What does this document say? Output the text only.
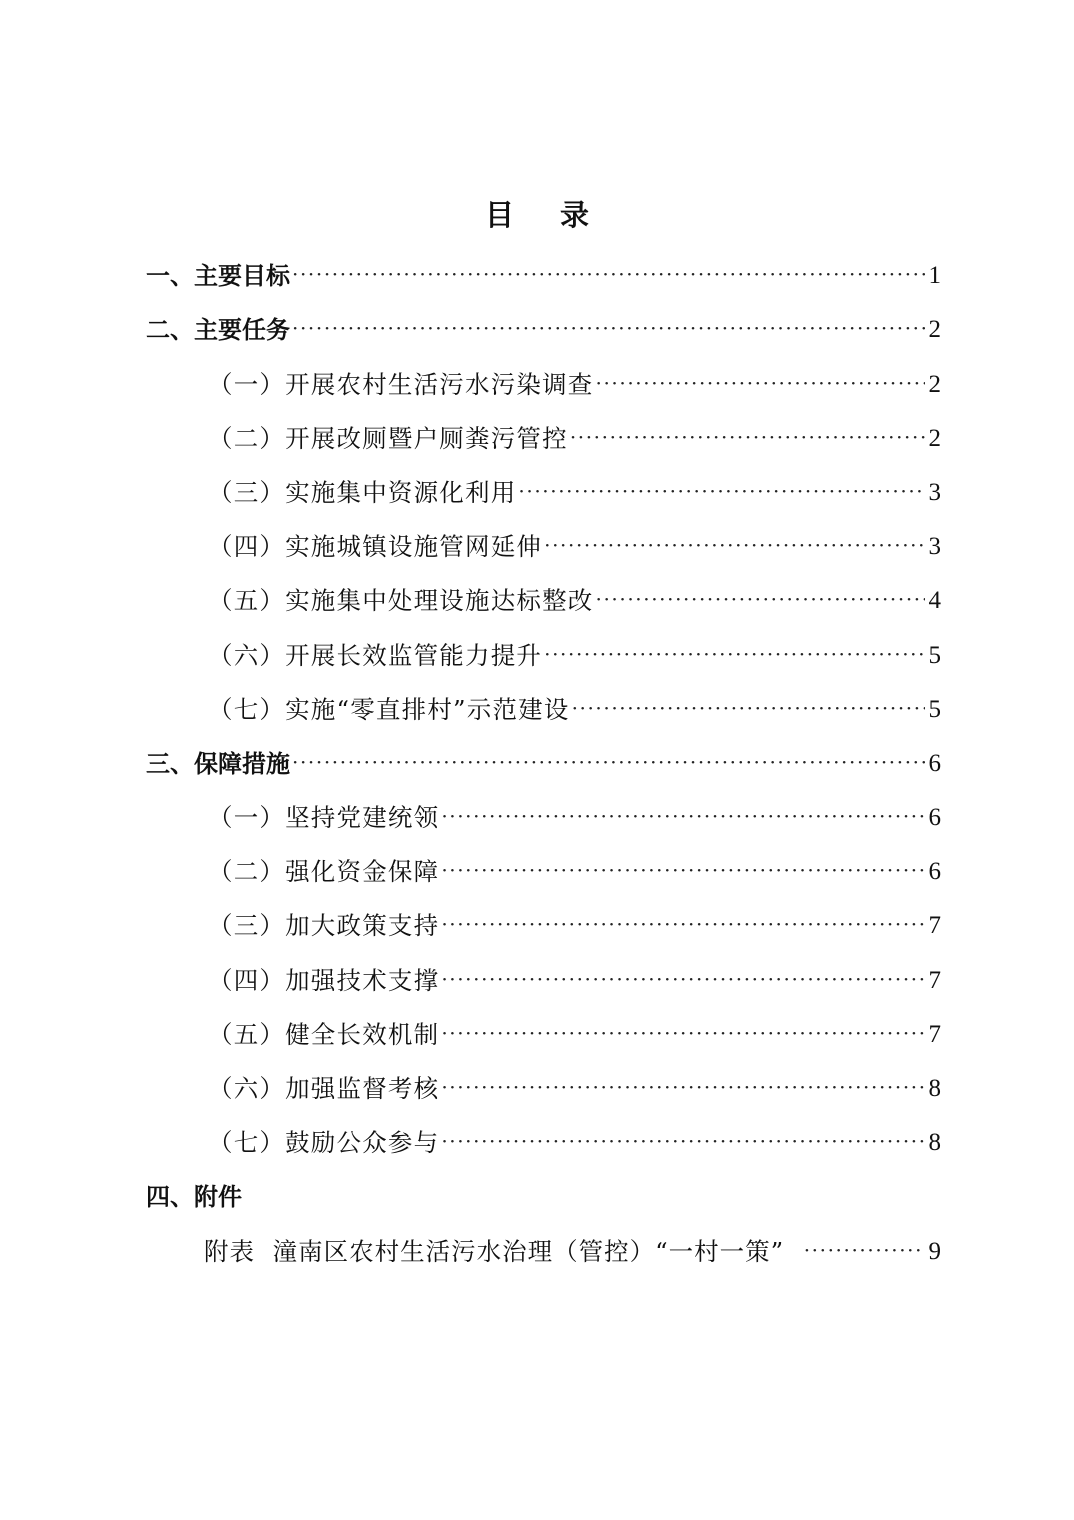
目 录
一、主要目标 ·····	1
二、主要任务 ·····	2
（一）开展农村生活污水污染调查 ·····	2
（二）开展改厕暨户厕粪污管控 ·····	2
（三）实施集中资源化利用 ·····	3
（四）实施城镇设施管网延伸 ·····	3
（五）实施集中处理设施达标整改 ·····	4
（六）开展长效监管能力提升 ·····	5
（七）实施“零直排村”示范建设 ·····	5
三、保障措施 ·····	6
（一）坚持党建统领 ·····	6
（二）强化资金保障 ·····	6
（三）加大政策支持 ·····	7
（四）加强技术支撑 ·····	7
（五）健全长效机制 ·····	7
（六）加强监督考核 ·····	8
（七）鼓励公众参与 ·····	8
四、附件
附表  潼南区农村生活污水治理（管控）“一村一策” ·····	9
